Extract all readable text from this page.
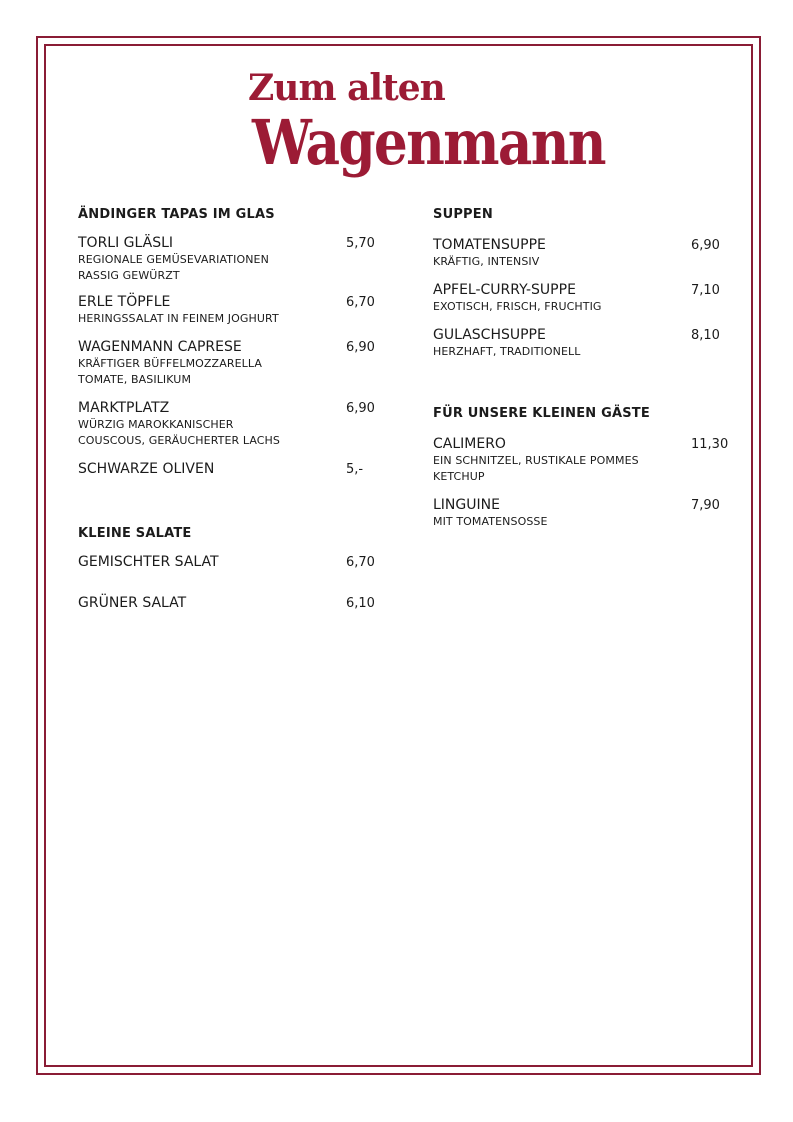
Zum alten
Wagenmann
ÄNDINGER TAPAS IM GLAS
TORLI GLÄSLI	5,70
REGIONALE GEMÜSEVARIATIONEN
RASSIG GEWÜRZT
ERLE TÖPFLE	6,70
HERINGSSALAT IN FEINEM JOGHURT
WAGENMANN CAPRESE	6,90
KRÄFTIGER BÜFFELMOZZARELLA
TOMATE, BASILIKUM
MARKTPLATZ	6,90
WÜRZIG MAROKKANISCHER
COUSCOUS, GERÄUCHERTER LACHS
SCHWARZE OLIVEN	5,-
KLEINE SALATE
GEMISCHTER SALAT	6,70
GRÜNER SALAT	6,10
SUPPEN
TOMATENSUPPE	6,90
KRÄFTIG, INTENSIV
APFEL-CURRY-SUPPE	7,10
EXOTISCH, FRISCH, FRUCHTIG
GULASCHSUPPE	8,10
HERZHAFT, TRADITIONELL
FÜR UNSERE KLEINEN GÄSTE
CALIMERO	11,30
EIN SCHNITZEL, RUSTIKALE POMMES
KETCHUP
LINGUINE	7,90
MIT TOMATENSOSSE
